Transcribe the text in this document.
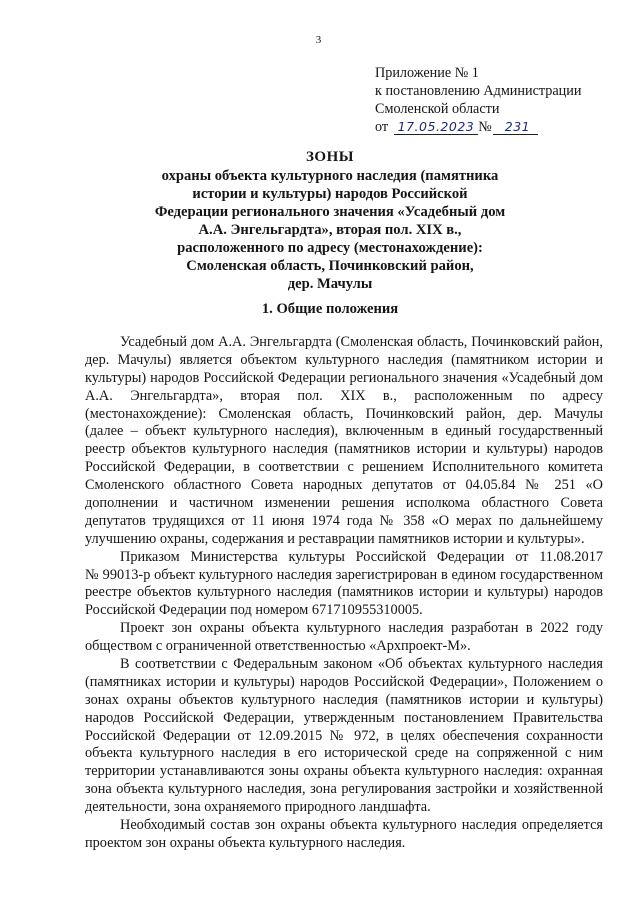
3
Приложение № 1
к постановлению Администрации
Смоленской области
от 17.05.2023 № 231
ЗОНЫ
охраны объекта культурного наследия (памятника
истории и культуры) народов Российской
Федерации регионального значения «Усадебный дом
А.А. Энгельгардта», вторая пол. XIX в.,
расположенного по адресу (местонахождение):
Смоленская область, Починковский район,
дер. Мачулы
1. Общие положения
Усадебный дом А.А. Энгельгардта (Смоленская область, Починковский район,
дер. Мачулы) является объектом культурного наследия (памятником истории и
культуры) народов Российской Федерации регионального значения «Усадебный дом
А.А. Энгельгардта», вторая пол. XIX в., расположенным по адресу
(местонахождение): Смоленская область, Починковский район, дер. Мачулы
(далее – объект культурного наследия), включенным в единый государственный
реестр объектов культурного наследия (памятников истории и культуры) народов
Российской Федерации, в соответствии с решением Исполнительного комитета
Смоленского областного Совета народных депутатов от 04.05.84 № 251 «О
дополнении и частичном изменении решения исполкома областного Совета
депутатов трудящихся от 11 июня 1974 года № 358 «О мерах по дальнейшему
улучшению охраны, содержания и реставрации памятников истории и культуры».
Приказом Министерства культуры Российской Федерации от 11.08.2017
№ 99013-р объект культурного наследия зарегистрирован в едином государственном
реестре объектов культурного наследия (памятников истории и культуры) народов
Российской Федерации под номером 671710955310005.
Проект зон охраны объекта культурного наследия разработан в 2022 году
обществом с ограниченной ответственностью «Архпроект-М».
В соответствии с Федеральным законом «Об объектах культурного наследия
(памятниках истории и культуры) народов Российской Федерации», Положением о
зонах охраны объектов культурного наследия (памятников истории и культуры)
народов Российской Федерации, утвержденным постановлением Правительства
Российской Федерации от 12.09.2015 № 972, в целях обеспечения сохранности
объекта культурного наследия в его исторической среде на сопряженной с ним
территории устанавливаются зоны охраны объекта культурного наследия: охранная
зона объекта культурного наследия, зона регулирования застройки и хозяйственной
деятельности, зона охраняемого природного ландшафта.
Необходимый состав зон охраны объекта культурного наследия определяется
проектом зон охраны объекта культурного наследия.
